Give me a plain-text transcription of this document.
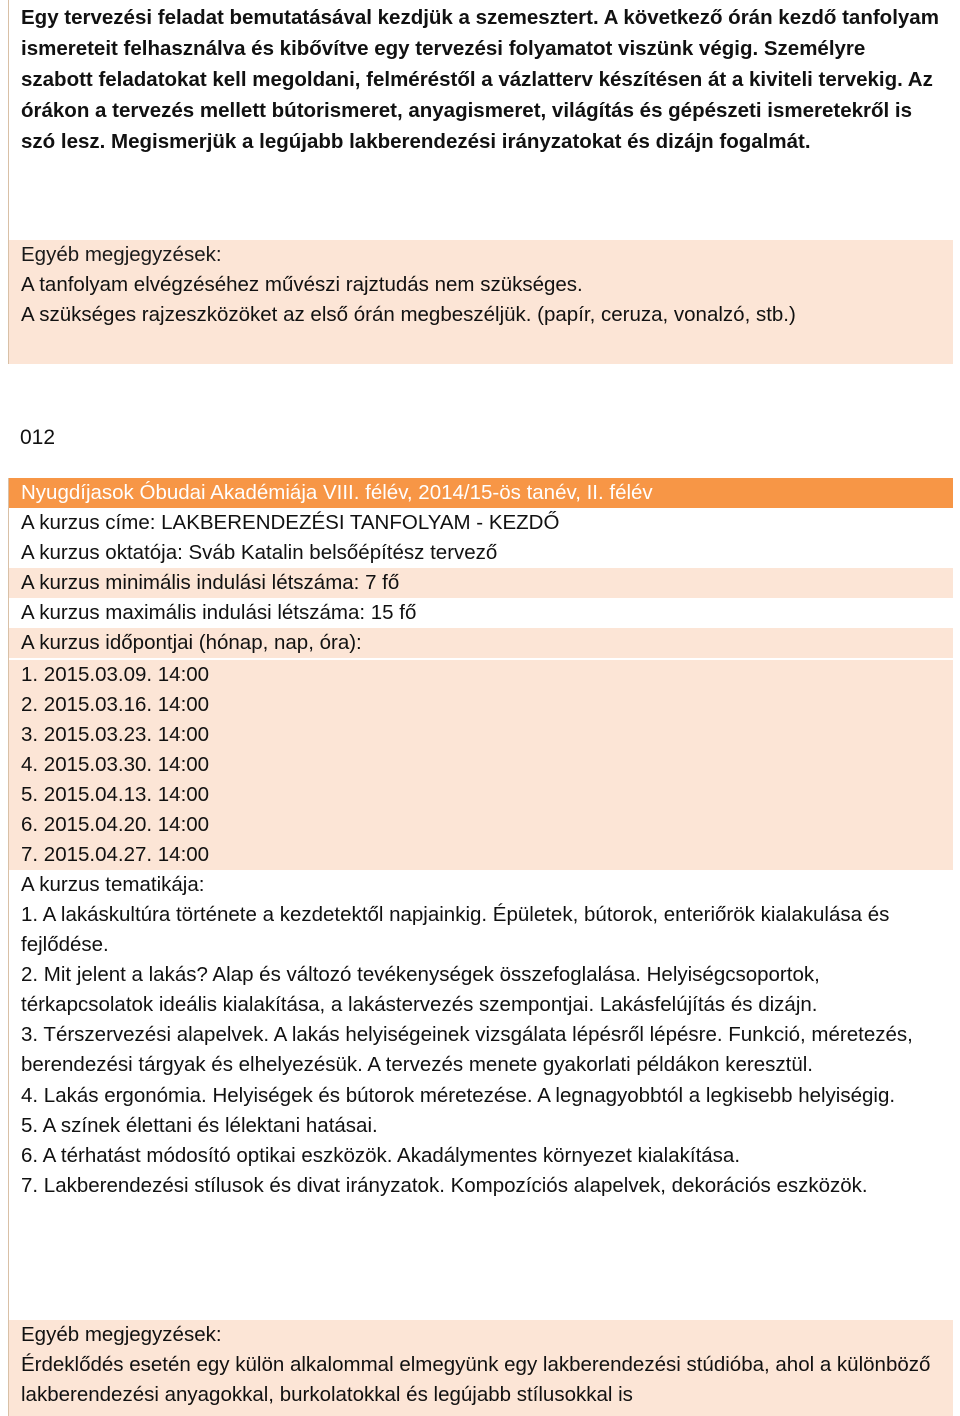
Egy tervezési feladat bemutatásával kezdjük a szemesztert. A következő órán kezdő tanfolyam ismereteit felhasználva és kibővítve egy tervezési folyamatot viszünk végig. Személyre szabott feladatokat kell megoldani, felméréstől a vázlatterv készítésen át a kiviteli tervekig. Az órákon a tervezés mellett bútorismeret, anyagismeret, világítás és gépészeti ismeretekről is szó lesz. Megismerjük a legújabb lakberendezési irányzatokat és dizájn fogalmát.
Egyéb megjegyzések:
A tanfolyam elvégzéséhez művészi rajztudás nem szükséges.
A szükséges rajzeszközöket az első órán megbeszéljük. (papír, ceruza, vonalzó, stb.)
012
Nyugdíjasok Óbudai Akadémiája VIII. félév, 2014/15-ös tanév, II. félév
A kurzus címe: LAKBERENDEZÉSI TANFOLYAM - KEZDŐ
A kurzus oktatója: Sváb Katalin belsőépítész tervező
A kurzus minimális indulási létszáma: 7 fő
A kurzus maximális indulási létszáma: 15 fő
A kurzus időpontjai (hónap, nap, óra):
1. 2015.03.09. 14:00
2. 2015.03.16. 14:00
3. 2015.03.23. 14:00
4. 2015.03.30. 14:00
5. 2015.04.13. 14:00
6. 2015.04.20. 14:00
7. 2015.04.27. 14:00
A kurzus tematikája:

1. A lakáskultúra története a kezdetektől napjainkig. Épületek, bútorok, enteriőrök kialakulása és fejlődése.

2. Mit jelent a lakás? Alap és változó tevékenységek összefoglalása. Helyiségcsoportok, térkapcsolatok ideális kialakítása, a lakástervezés szempontjai. Lakásfelújítás és dizájn.

3. Térszervezési alapelvek. A lakás helyiségeinek vizsgálata lépésről lépésre. Funkció, méretezés, berendezési tárgyak és elhelyezésük. A tervezés menete gyakorlati példákon keresztül.

4. Lakás ergonómia. Helyiségek és bútorok méretezése. A legnagyobbtól a legkisebb helyiségig.

5. A színek élettani és lélektani hatásai.

6. A térhatást módosító optikai eszközök. Akadálymentes környezet kialakítása.

7. Lakberendezési stílusok és divat irányzatok. Kompozíciós alapelvek, dekorációs eszközök.

Egyéb megjegyzések:
Érdeklődés esetén egy külön alkalommal elmegyünk egy lakberendezési stúdióba, ahol a különböző lakberendezési anyagokkal, burkolatokkal és legújabb stílusokkal is
